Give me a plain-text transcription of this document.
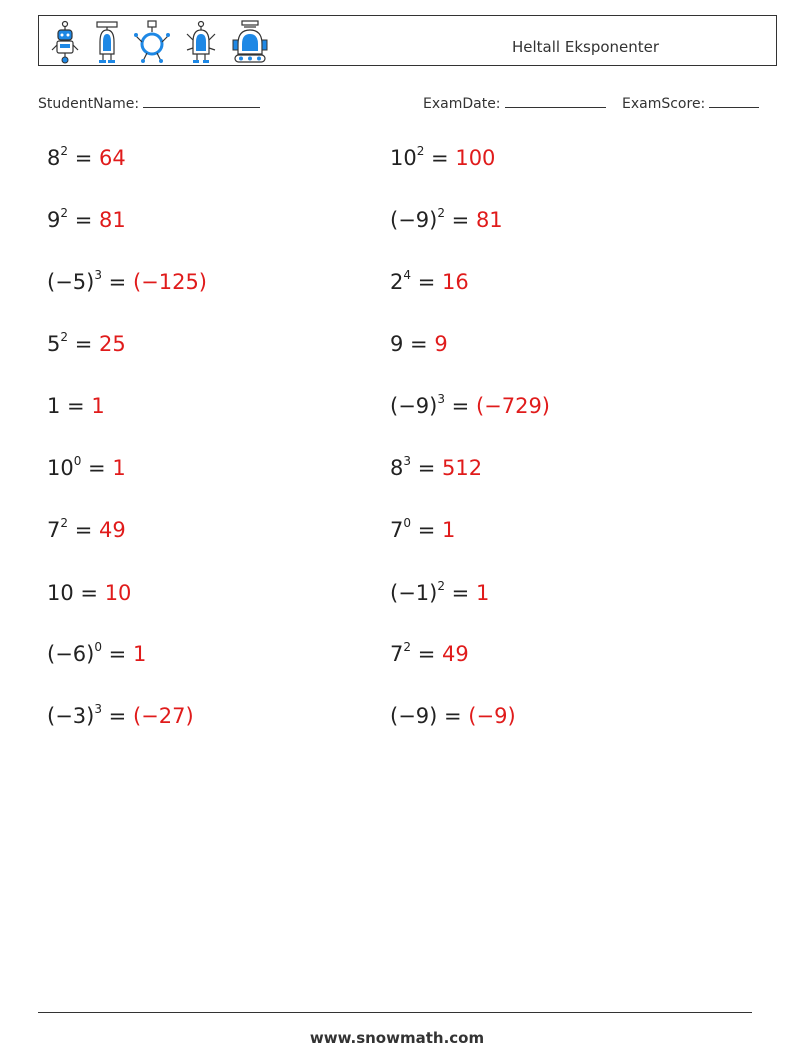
Heltall Eksponenter
StudentName:	ExamDate:	ExamScore:
$8^2 = 64$	$10^2 = 100$
$9^2 = 81$	$(-9)^2 = 81$
$(-5)^3 = (-125)$	$2^4 = 16$
$5^2 = 25$	9 = 9
1 = 1	$(-9)^3 = (-729)$
$10^0 = 1$	$8^3 = 512$
$7^2 = 49$	$7^0 = 1$
10 = 10	$(-1)^2 = 1$
$(-6)^0 = 1$	$7^2 = 49$
$(-3)^3 = (-27)$	(−9) = (−9)
www.snowmath.com
